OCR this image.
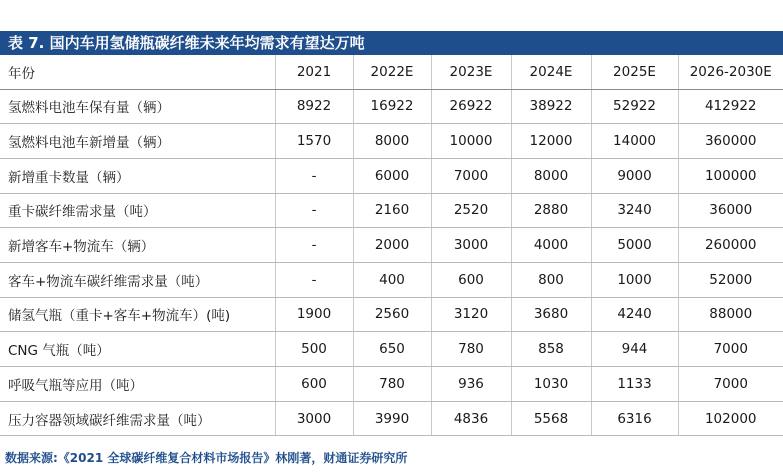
表 7. 国内车用氢储瓶碳纤维未来年均需求有望达万吨
年份	2021	2022E	2023E	2024E	2025E	2026-2030E
氢燃料电池车保有量（辆）	8922	16922	26922	38922	52922	412922
氢燃料电池车新增量（辆）	1570	8000	10000	12000	14000	360000
新增重卡数量（辆）	-	6000	7000	8000	9000	100000
重卡碳纤维需求量（吨）	-	2160	2520	2880	3240	36000
新增客车+物流车（辆）	-	2000	3000	4000	5000	260000
客车+物流车碳纤维需求量（吨）	-	400	600	800	1000	52000
储氢气瓶（重卡+客车+物流车）(吨)	1900	2560	3120	3680	4240	88000
CNG 气瓶（吨）	500	650	780	858	944	7000
呼吸气瓶等应用（吨）	600	780	936	1030	1133	7000
压力容器领域碳纤维需求量（吨）	3000	3990	4836	5568	6316	102000
数据来源:《2021 全球碳纤维复合材料市场报告》林刚著，财通证券研究所
